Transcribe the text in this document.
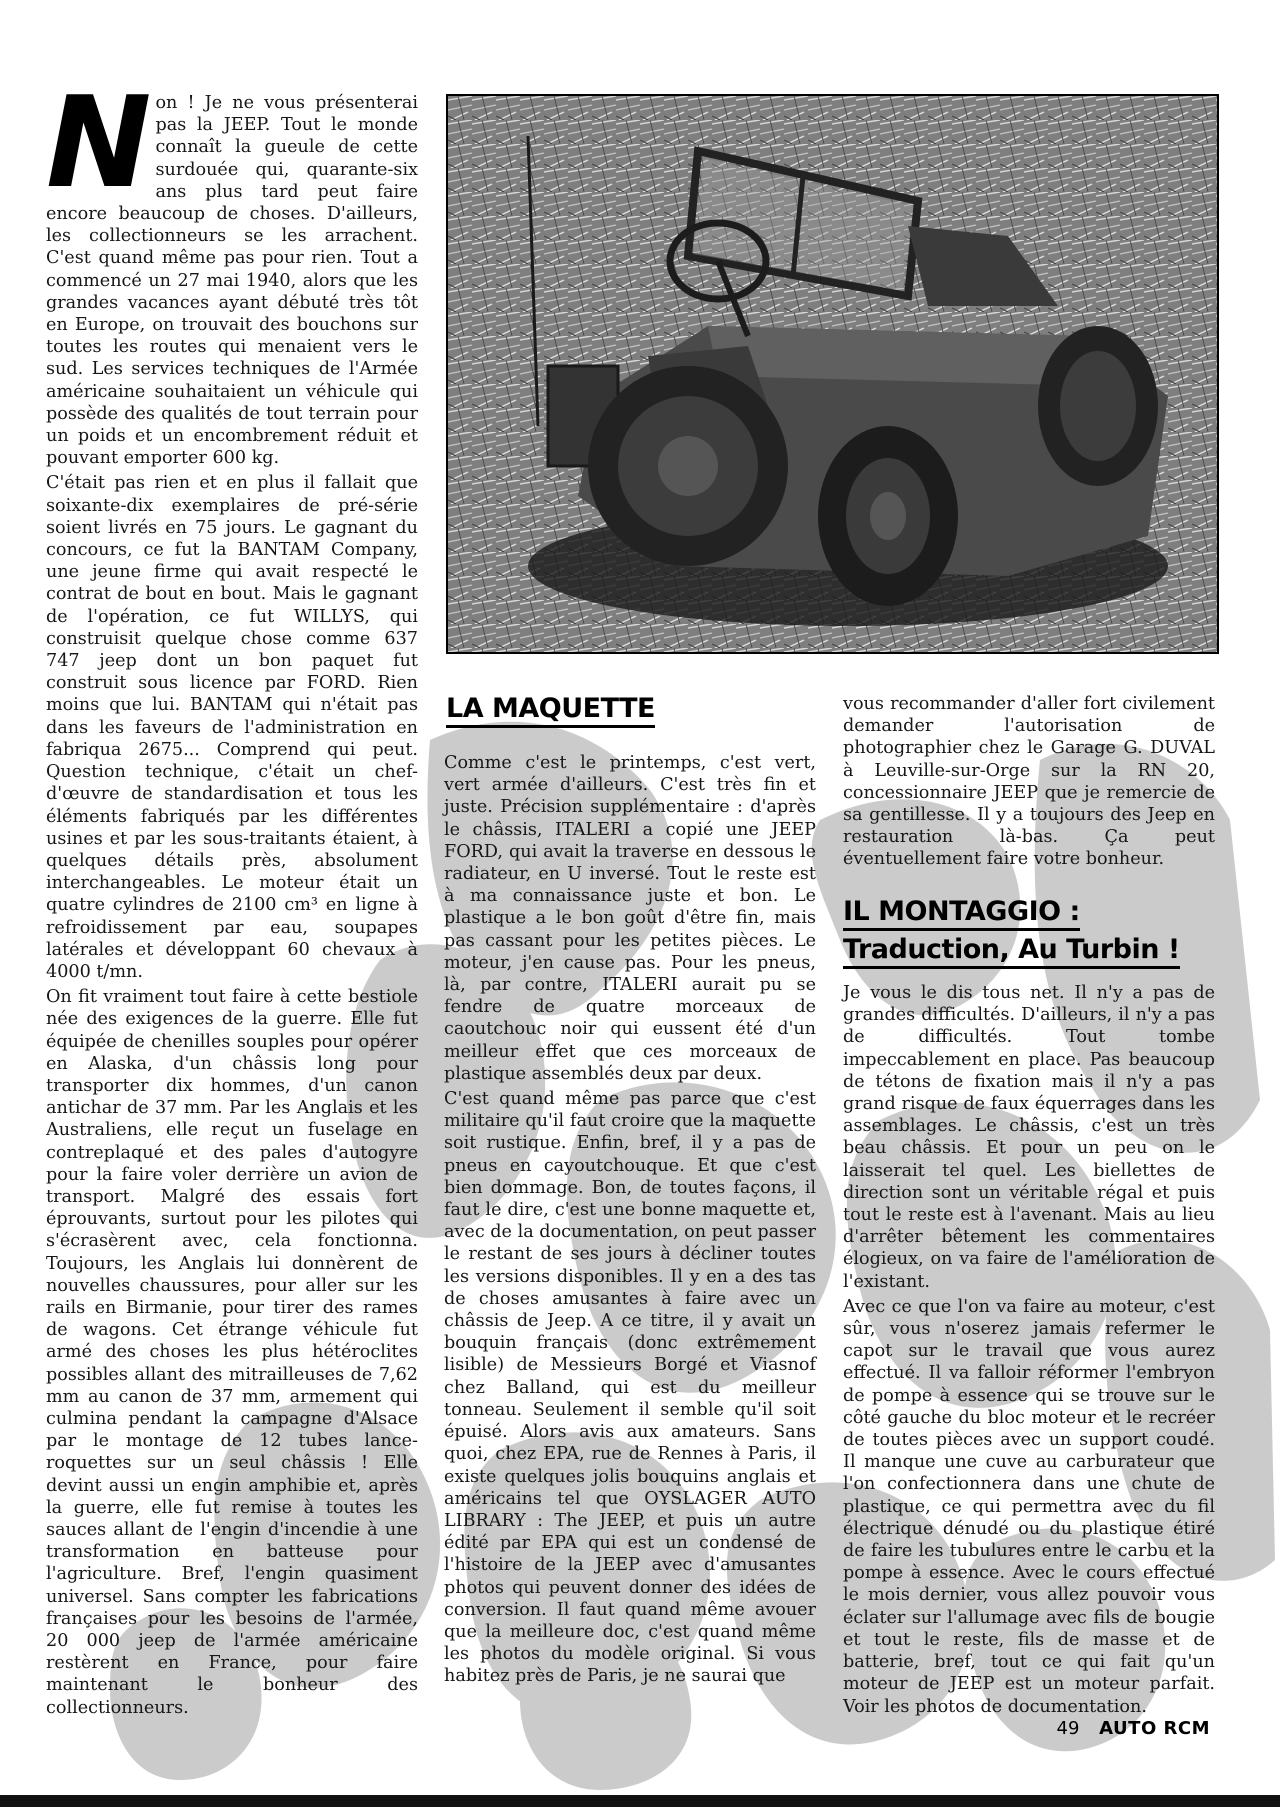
Non ! Je ne vous présenterai pas la JEEP. Tout le monde connaît la gueule de cette surdouée qui, quarante-six ans plus tard peut faire encore beaucoup de choses. D'ailleurs, les collectionneurs se les arrachent. C'est quand même pas pour rien. Tout a commencé un 27 mai 1940, alors que les grandes vacances ayant débuté très tôt en Europe, on trouvait des bouchons sur toutes les routes qui menaient vers le sud. Les services techniques de l'Armée américaine souhaitaient un véhicule qui possède des qualités de tout terrain pour un poids et un encombrement réduit et pouvant emporter 600 kg.

C'était pas rien et en plus il fallait que soixante-dix exemplaires de pré-série soient livrés en 75 jours. Le gagnant du concours, ce fut la BANTAM Company, une jeune firme qui avait respecté le contrat de bout en bout. Mais le gagnant de l'opération, ce fut WILLYS, qui construisit quelque chose comme 637 747 jeep dont un bon paquet fut construit sous licence par FORD. Rien moins que lui. BANTAM qui n'était pas dans les faveurs de l'administration en fabriqua 2675... Comprend qui peut. Question technique, c'était un chef-d'œuvre de standardisation et tous les éléments fabriqués par les différentes usines et par les sous-traitants étaient, à quelques détails près, absolument interchangeables. Le moteur était un quatre cylindres de 2100 cm³ en ligne à refroidissement par eau, soupapes latérales et développant 60 chevaux à 4000 t/mn.

On fit vraiment tout faire à cette bestiole née des exigences de la guerre. Elle fut équipée de chenilles souples pour opérer en Alaska, d'un châssis long pour transporter dix hommes, d'un canon antichar de 37 mm. Par les Anglais et les Australiens, elle reçut un fuselage en contreplaqué et des pales d'autogyre pour la faire voler derrière un avion de transport. Malgré des essais fort éprouvants, surtout pour les pilotes qui s'écrasèrent avec, cela fonctionna. Toujours, les Anglais lui donnèrent de nouvelles chaussures, pour aller sur les rails en Birmanie, pour tirer des rames de wagons. Cet étrange véhicule fut armé des choses les plus hétéroclites possibles allant des mitrailleuses de 7,62 mm au canon de 37 mm, armement qui culmina pendant la campagne d'Alsace par le montage de 12 tubes lance-roquettes sur un seul châssis ! Elle devint aussi un engin amphibie et, après la guerre, elle fut remise à toutes les sauces allant de l'engin d'incendie à une transformation en batteuse pour l'agriculture. Bref, l'engin quasiment universel. Sans compter les fabrications françaises pour les besoins de l'armée, 20 000 jeep de l'armée américaine restèrent en France, pour faire maintenant le bonheur des collectionneurs.

LA MAQUETTE

Comme c'est le printemps, c'est vert, vert armée d'ailleurs. C'est très fin et juste. Précision supplémentaire : d'après le châssis, ITALERI a copié une JEEP FORD, qui avait la traverse en dessous le radiateur, en U inversé. Tout le reste est à ma connaissance juste et bon. Le plastique a le bon goût d'être fin, mais pas cassant pour les petites pièces. Le moteur, j'en cause pas. Pour les pneus, là, par contre, ITALERI aurait pu se fendre de quatre morceaux de caoutchouc noir qui eussent été d'un meilleur effet que ces morceaux de plastique assemblés deux par deux.

C'est quand même pas parce que c'est militaire qu'il faut croire que la maquette soit rustique. Enfin, bref, il y a pas de pneus en cayoutchouque. Et que c'est bien dommage. Bon, de toutes façons, il faut le dire, c'est une bonne maquette et, avec de la documentation, on peut passer le restant de ses jours à décliner toutes les versions disponibles. Il y en a des tas de choses amusantes à faire avec un châssis de Jeep. A ce titre, il y avait un bouquin français (donc extrêmement lisible) de Messieurs Borgé et Viasnof chez Balland, qui est du meilleur tonneau. Seulement il semble qu'il soit épuisé. Alors avis aux amateurs. Sans quoi, chez EPA, rue de Rennes à Paris, il existe quelques jolis bouquins anglais et américains tel que OYSLAGER AUTO LIBRARY : The JEEP, et puis un autre édité par EPA qui est un condensé de l'histoire de la JEEP avec d'amusantes photos qui peuvent donner des idées de conversion. Il faut quand même avouer que la meilleure doc, c'est quand même les photos du modèle original. Si vous habitez près de Paris, je ne saurai que

vous recommander d'aller fort civilement demander l'autorisation de photographier chez le Garage G. DUVAL à Leuville-sur-Orge sur la RN 20, concessionnaire JEEP que je remercie de sa gentillesse. Il y a toujours des Jeep en restauration là-bas. Ça peut éventuellement faire votre bonheur.

IL MONTAGGIO : Traduction, Au Turbin !

Je vous le dis tous net. Il n'y a pas de grandes difficultés. D'ailleurs, il n'y a pas de difficultés. Tout tombe impeccablement en place. Pas beaucoup de tétons de fixation mais il n'y a pas grand risque de faux équerrages dans les assemblages. Le châssis, c'est un très beau châssis. Et pour un peu on le laisserait tel quel. Les biellettes de direction sont un véritable régal et puis tout le reste est à l'avenant. Mais au lieu d'arrêter bêtement les commentaires élogieux, on va faire de l'amélioration de l'existant.

Avec ce que l'on va faire au moteur, c'est sûr, vous n'oserez jamais refermer le capot sur le travail que vous aurez effectué. Il va falloir réformer l'embryon de pompe à essence qui se trouve sur le côté gauche du bloc moteur et le recréer de toutes pièces avec un support coudé. Il manque une cuve au carburateur que l'on confectionnera dans une chute de plastique, ce qui permettra avec du fil électrique dénudé ou du plastique étiré de faire les tubulures entre le carbu et la pompe à essence. Avec le cours effectué le mois dernier, vous allez pouvoir vous éclater sur l'allumage avec fils de bougie et tout le reste, fils de masse et de batterie, bref, tout ce qui fait qu'un moteur de JEEP est un moteur parfait. Voir les photos de documentation.

49 AUTO RCM
